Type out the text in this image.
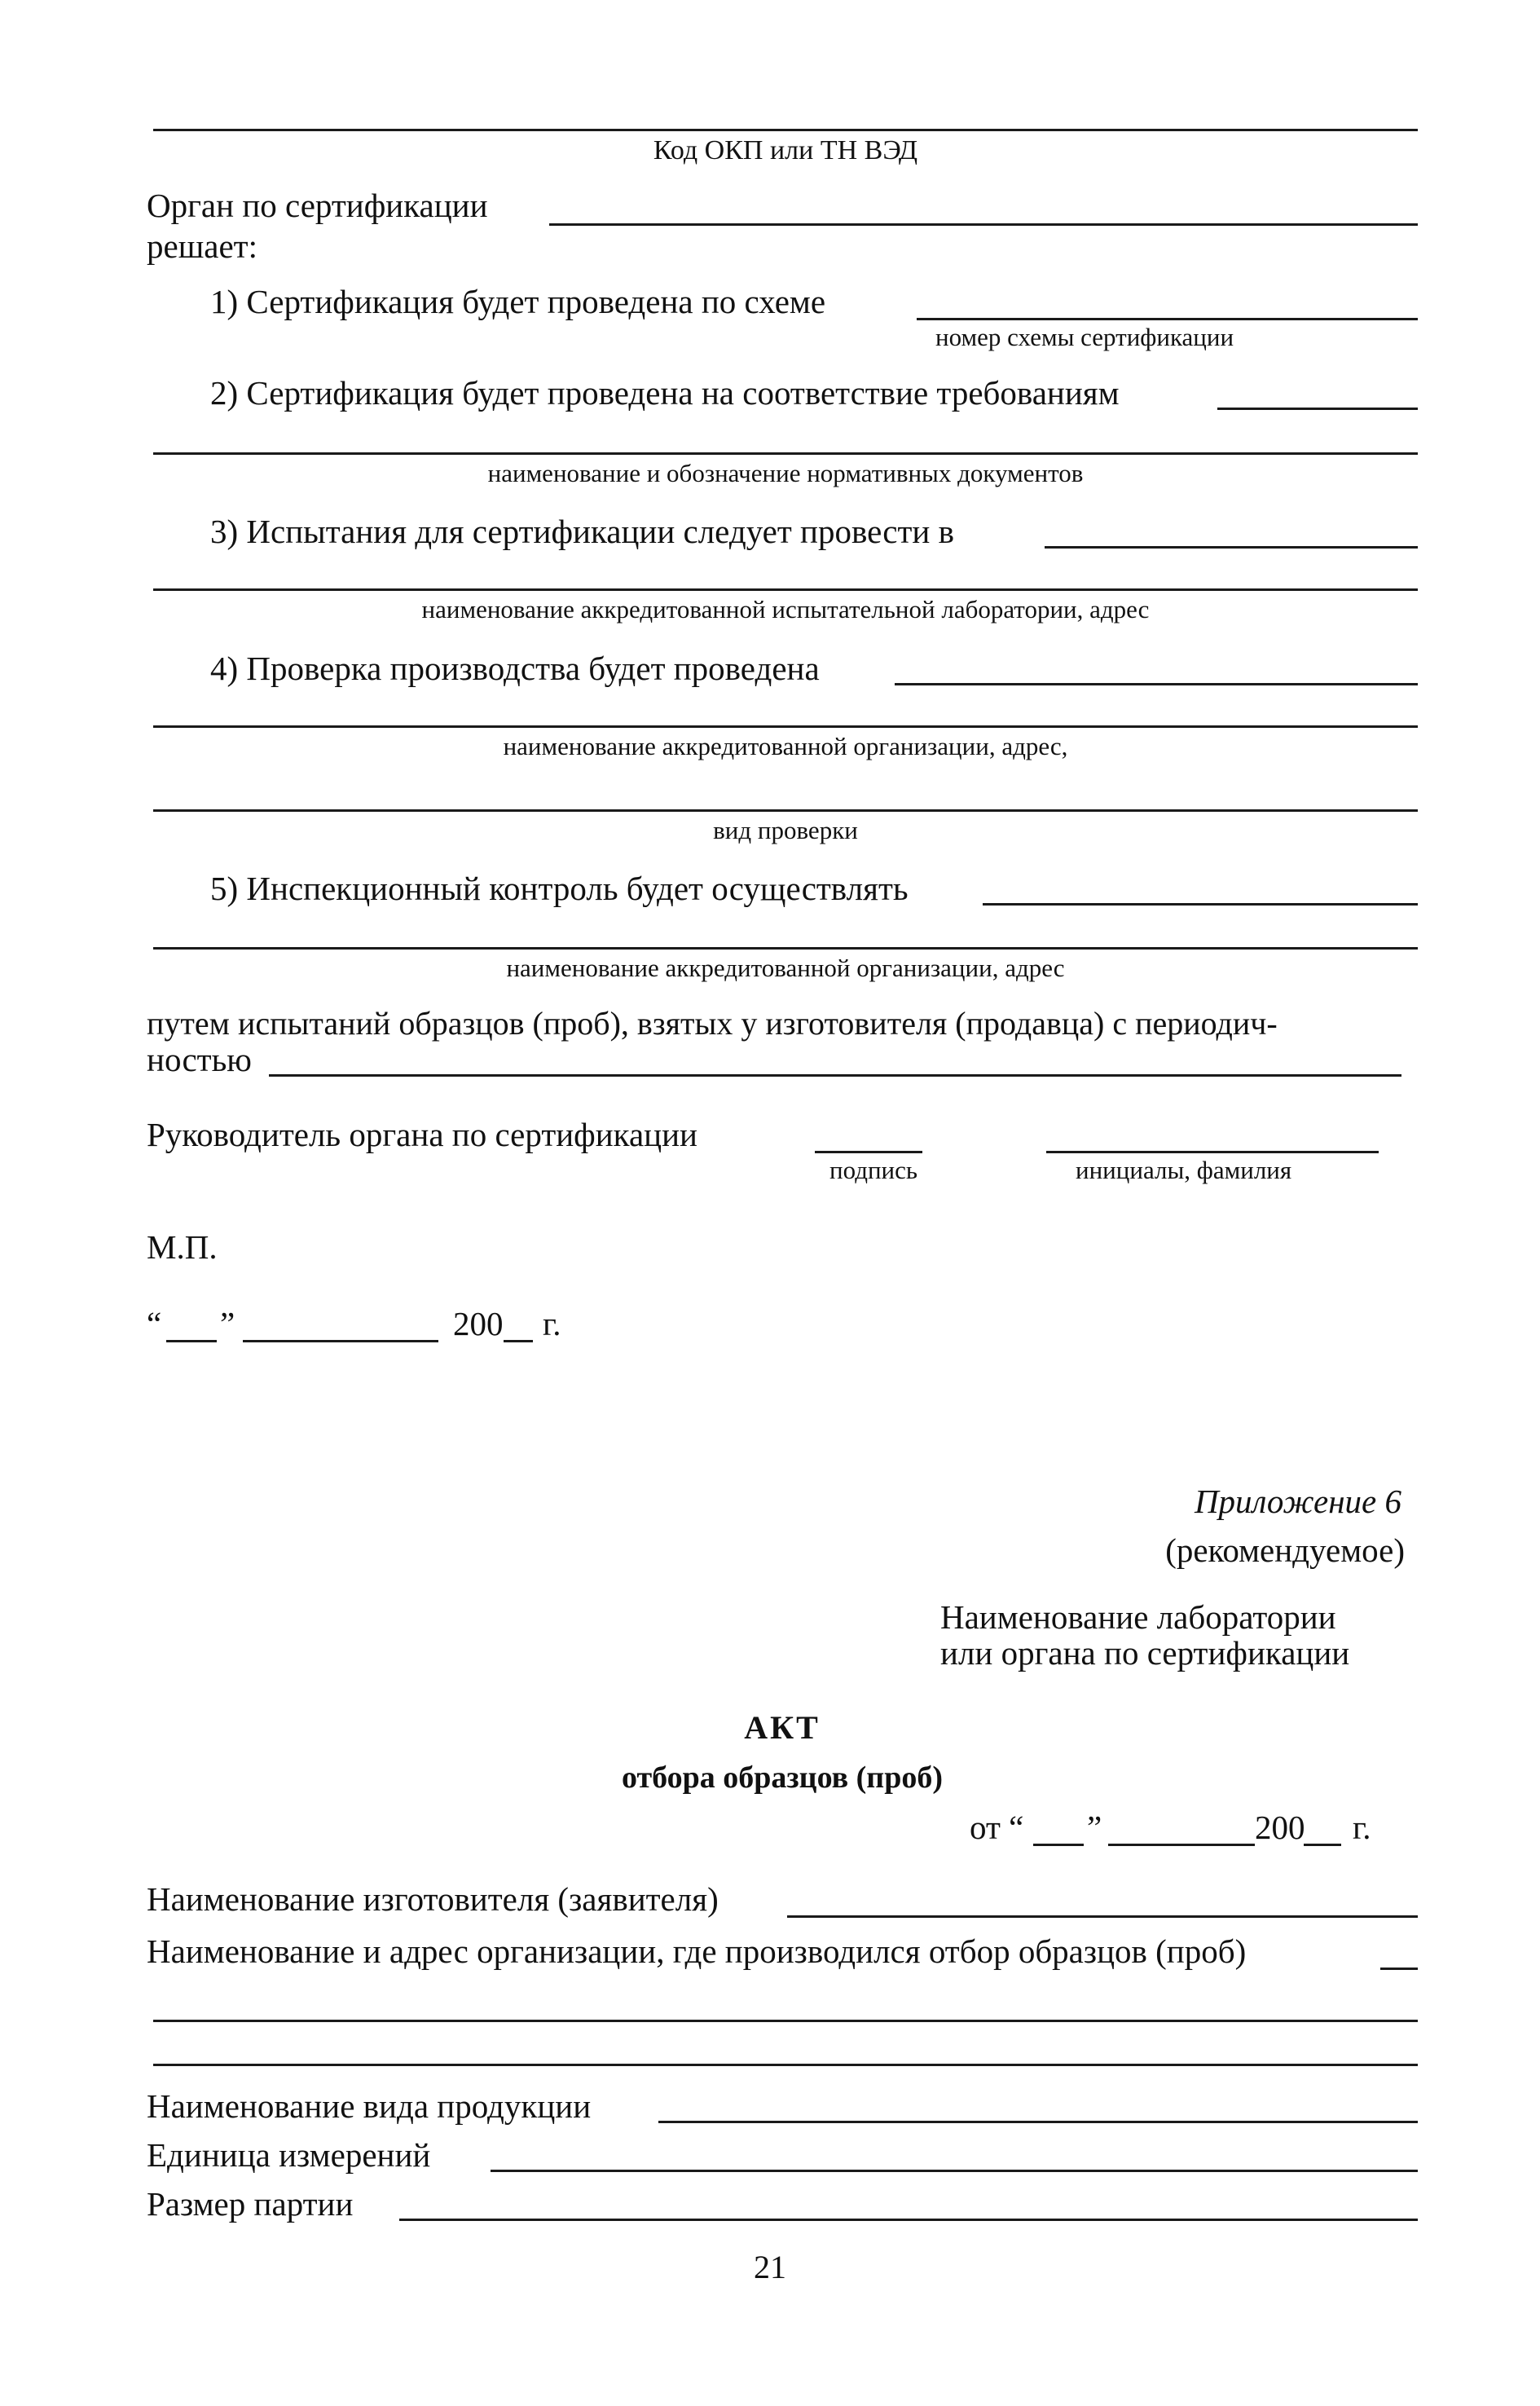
Код ОКП или ТН ВЭД
Орган по сертификации
решает:
1) Сертификация будет проведена по схеме
номер схемы сертификации
2) Сертификация будет проведена на соответствие требованиям
наименование и обозначение нормативных документов
3) Испытания для сертификации следует провести в
наименование аккредитованной испытательной лаборатории, адрес
4) Проверка производства будет проведена
наименование аккредитованной организации, адрес,
вид проверки
5) Инспекционный контроль будет осуществлять
наименование аккредитованной организации, адрес
путем испытаний образцов (проб), взятых у изготовителя (продавца) с периодич-
ностью
Руководитель органа по сертификации
подпись	инициалы, фамилия
М.П.
“ ”	200 г.
Приложение 6
(рекомендуемое)
Наименование лаборатории
или органа по сертификации
АКТ
отбора образцов (проб)
от “ ”	200 г.
Наименование изготовителя (заявителя)
Наименование и адрес организации, где производился отбор образцов (проб)
Наименование вида продукции
Единица измерений
Размер партии
21
